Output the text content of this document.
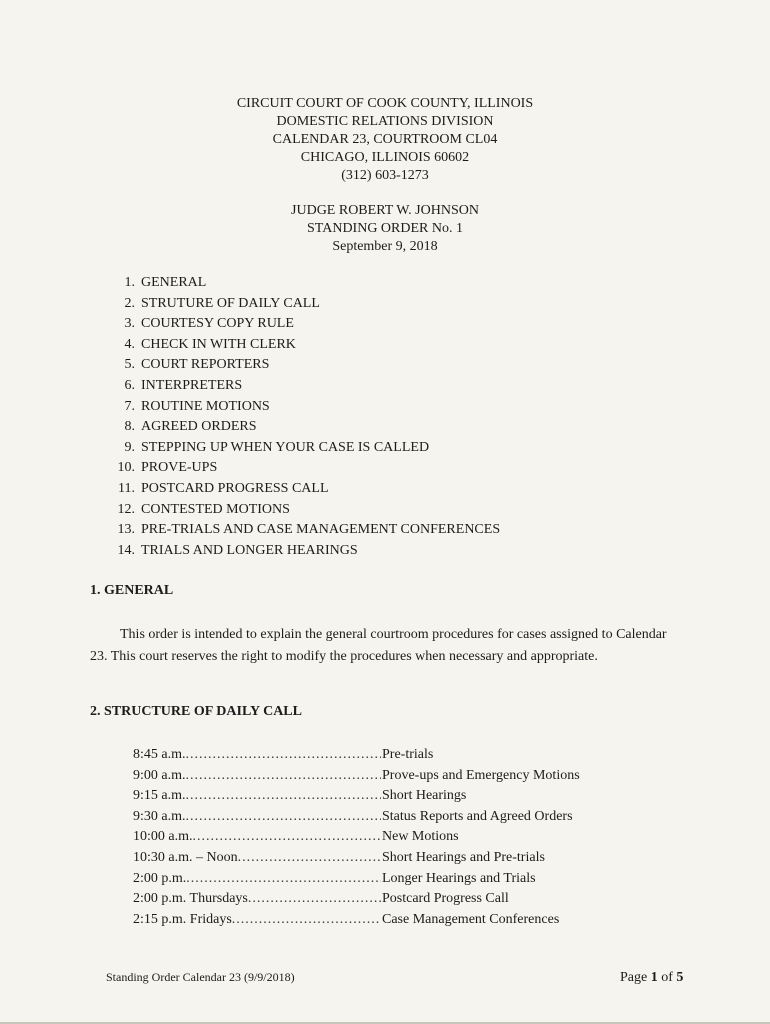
CIRCUIT COURT OF COOK COUNTY, ILLINOIS
DOMESTIC RELATIONS DIVISION
CALENDAR 23, COURTROOM CL04
CHICAGO, ILLINOIS 60602
(312) 603-1273
JUDGE ROBERT W. JOHNSON
STANDING ORDER No. 1
September 9, 2018
1. GENERAL
2. STRUTURE OF DAILY CALL
3. COURTESY COPY RULE
4. CHECK IN WITH CLERK
5. COURT REPORTERS
6. INTERPRETERS
7. ROUTINE MOTIONS
8. AGREED ORDERS
9. STEPPING UP WHEN YOUR CASE IS CALLED
10. PROVE-UPS
11. POSTCARD PROGRESS CALL
12. CONTESTED MOTIONS
13. PRE-TRIALS AND CASE MANAGEMENT CONFERENCES
14. TRIALS AND LONGER HEARINGS
1. GENERAL
This order is intended to explain the general courtroom procedures for cases assigned to Calendar 23. This court reserves the right to modify the procedures when necessary and appropriate.
2. STRUCTURE OF DAILY CALL
8:45 a.m. .....	Pre-trials
9:00 a.m. .....	Prove-ups and Emergency Motions
9:15 a.m. .....	Short Hearings
9:30 a.m. .....	Status Reports and Agreed Orders
10:00 a.m. .....	New Motions
10:30 a.m. – Noon .....	Short Hearings and Pre-trials
2:00 p.m. .....	Longer Hearings and Trials
2:00 p.m. Thursdays .....	Postcard Progress Call
2:15 p.m. Fridays .....	Case Management Conferences
Standing Order Calendar 23 (9/9/2018)	Page 1 of 5
